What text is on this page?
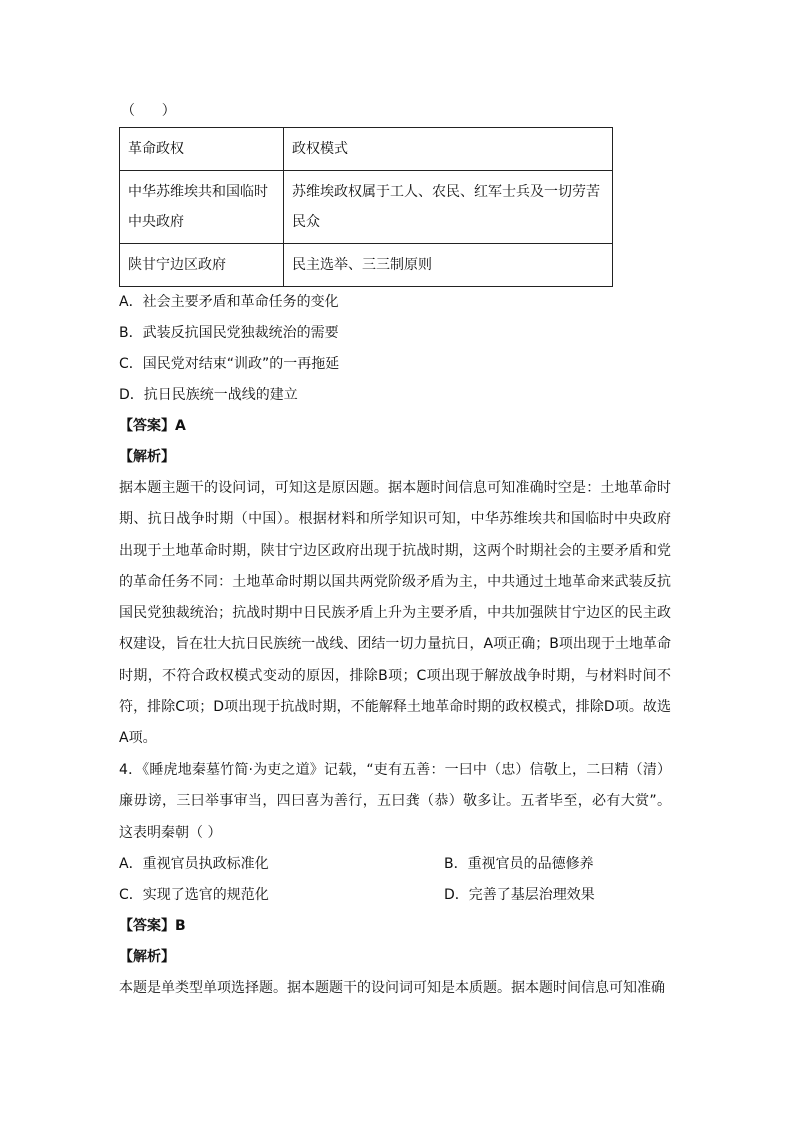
（      ）
革命政权	政权模式
中华苏维埃共和国临时中央政府	苏维埃政权属于工人、农民、红军士兵及一切劳苦民众
陕甘宁边区政府	民主选举、三三制原则
A．社会主要矛盾和革命任务的变化
B．武装反抗国民党独裁统治的需要
C．国民党对结束“训政”的一再拖延
D．抗日民族统一战线的建立
【答案】A
【解析】
据本题主题干的设问词，可知这是原因题。据本题时间信息可知准确时空是：土地革命时期、抗日战争时期（中国）。根据材料和所学知识可知，中华苏维埃共和国临时中央政府出现于土地革命时期，陕甘宁边区政府出现于抗战时期，这两个时期社会的主要矛盾和党的革命任务不同：土地革命时期以国共两党阶级矛盾为主，中共通过土地革命来武装反抗国民党独裁统治；抗战时期中日民族矛盾上升为主要矛盾，中共加强陕甘宁边区的民主政权建设，旨在壮大抗日民族统一战线、团结一切力量抗日，A项正确；B项出现于土地革命时期，不符合政权模式变动的原因，排除B项；C项出现于解放战争时期，与材料时间不符，排除C项；D项出现于抗战时期，不能解释土地革命时期的政权模式，排除D项。故选A项。
4．《睡虎地秦墓竹简·为吏之道》记载，“吏有五善：一曰中（忠）信敬上，二曰精（清）廉毋谤，三曰举事审当，四曰喜为善行，五曰龚（恭）敬多让。五者毕至，必有大赏”。这表明秦朝（ ）
A．重视官员执政标准化	B．重视官员的品德修养
C．实现了选官的规范化	D．完善了基层治理效果
【答案】B
【解析】
本题是单类型单项选择题。据本题题干的设问词可知是本质题。据本题时间信息可知准确
